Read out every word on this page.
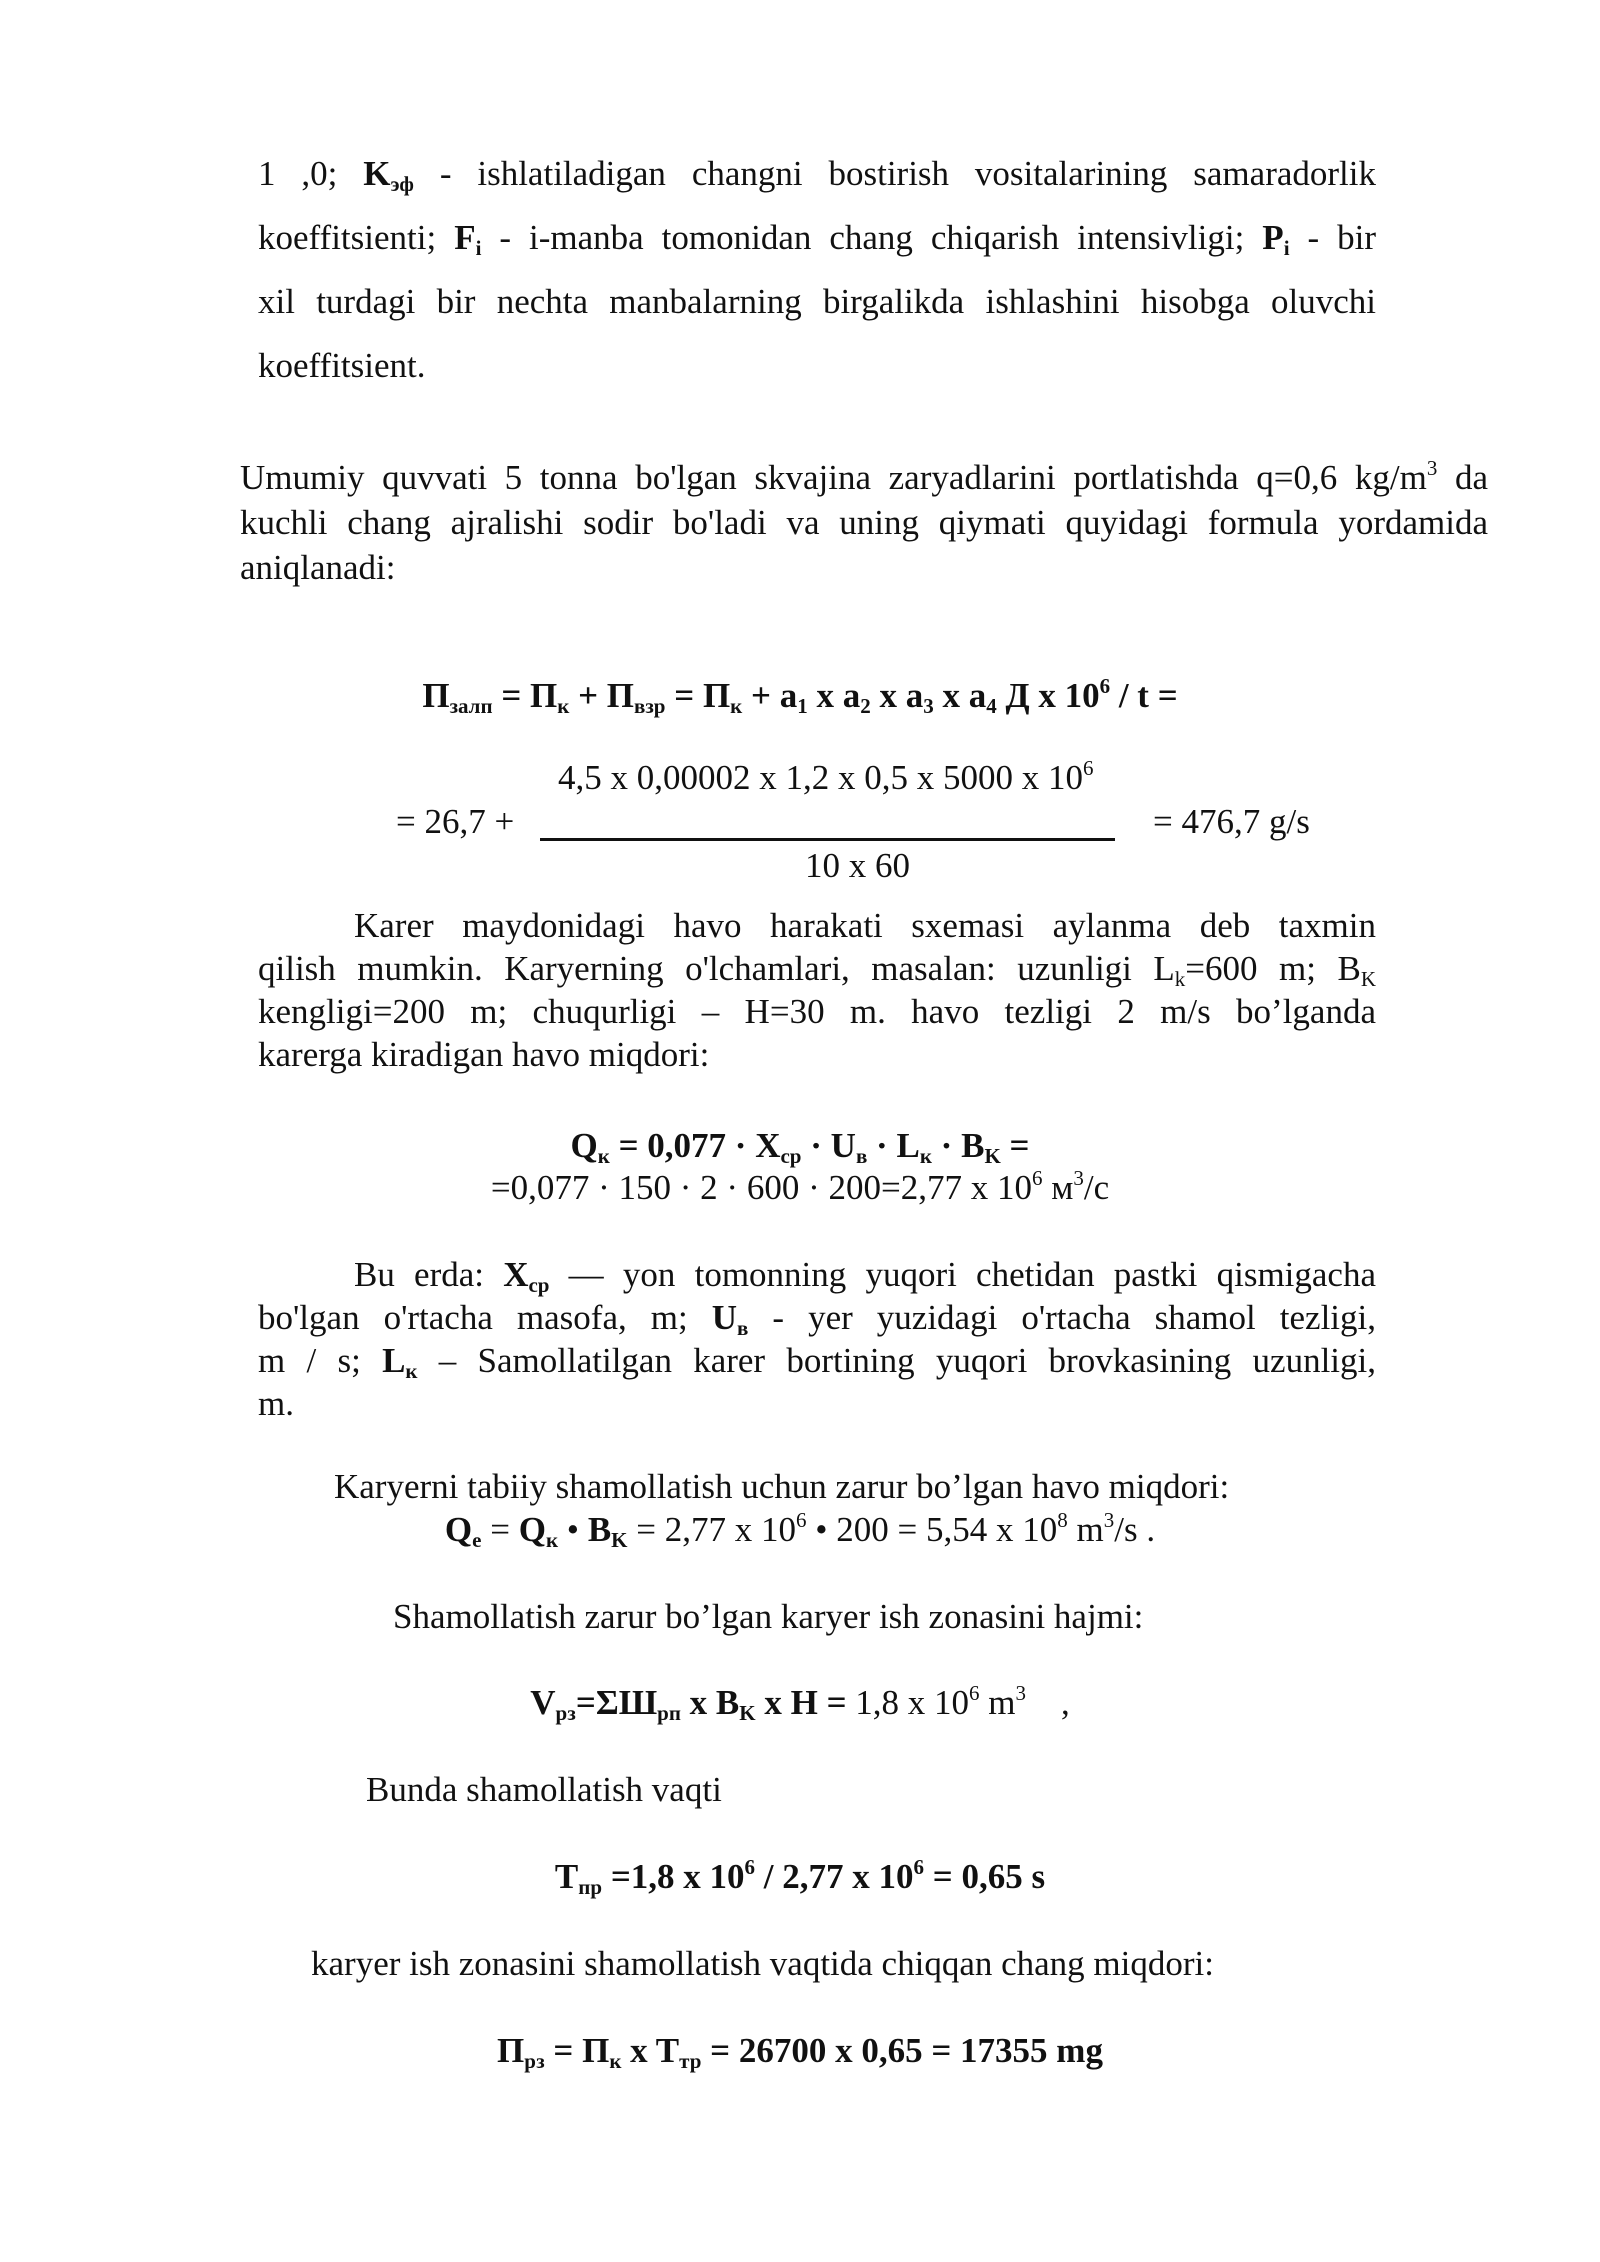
1 ,0; $K_{эф}$ - ishlatiladigan changni bostirish vositalarining samaradorlik
koeffitsienti; $F_i$ - i-manba tomonidan chang chiqarish intensivligi; $P_i$ - bir
xil turdagi bir nechta manbalarning birgalikda ishlashini hisobga oluvchi
koeffitsient.
Umumiy quvvati 5 tonna bo'lgan skvajina zaryadlarini portlatishda q=0,6 $kg/m^3$ da
kuchli chang ajralishi sodir bo'ladi va uning qiymati quyidagi formula yordamida
aniqlanadi:
$П_{залп} = П_к + П_{взр} = П_к + a_1$ x $a_2$ x $a_3$ x $a_4$ Д x $10^6$ / t =
4,5 x 0,00002 x 1,2 x 0,5 x 5000 x $10^6$
= 26,7 +	= 476,7 g/s
10 x 60
Karer maydonidagi havo harakati sxemasi aylanma deb taxmin
qilish mumkin. Karyerning o'lchamlari, masalan: uzunligi $L_k=600$ m; $B_K$
kengligi=200 m; chuqurligi – H=30 m. havo tezligi 2 m/s bo’lganda
karerga kiradigan havo miqdori:
$Q_к = 0,077 \cdot X_{ср} \cdot U_в \cdot L_к \cdot B_K$ =
=0,077 · 150 · 2 · 600 · 200=2,77 x $10^6$ $м^3/с$
Bu erda: $X_{ср}$ — yon tomonning yuqori chetidan pastki qismigacha
bo'lgan o'rtacha masofa, m; $U_в$ - yer yuzidagi o'rtacha shamol tezligi,
m / s; $L_к$ – Samollatilgan karer bortining yuqori brovkasining uzunligi,
m.
Karyerni tabiiy shamollatish uchun zarur bo’lgan havo miqdori:
$Q_e = Q_к$ • $B_K = 2,77$ x $10^6$ • 200 = 5,54 x $10^8$ $m^3/s$ .
Shamollatish zarur bo’lgan karyer ish zonasini hajmi:
$V_{рз}=\Sigma Ш_{рп}$ x $B_K$ x H = 1,8 x $10^6$ $m^3$    ,
Bunda shamollatish vaqti
$T_{пр} =1,8$ x $10^6 / 2,77$ x $10^6 = 0,65$ s
karyer ish zonasini shamollatish vaqtida chiqqan chang miqdori:
$П_{рз} = П_к$ x $T_{тр} = 26700$ x 0,65 = 17355 mg
